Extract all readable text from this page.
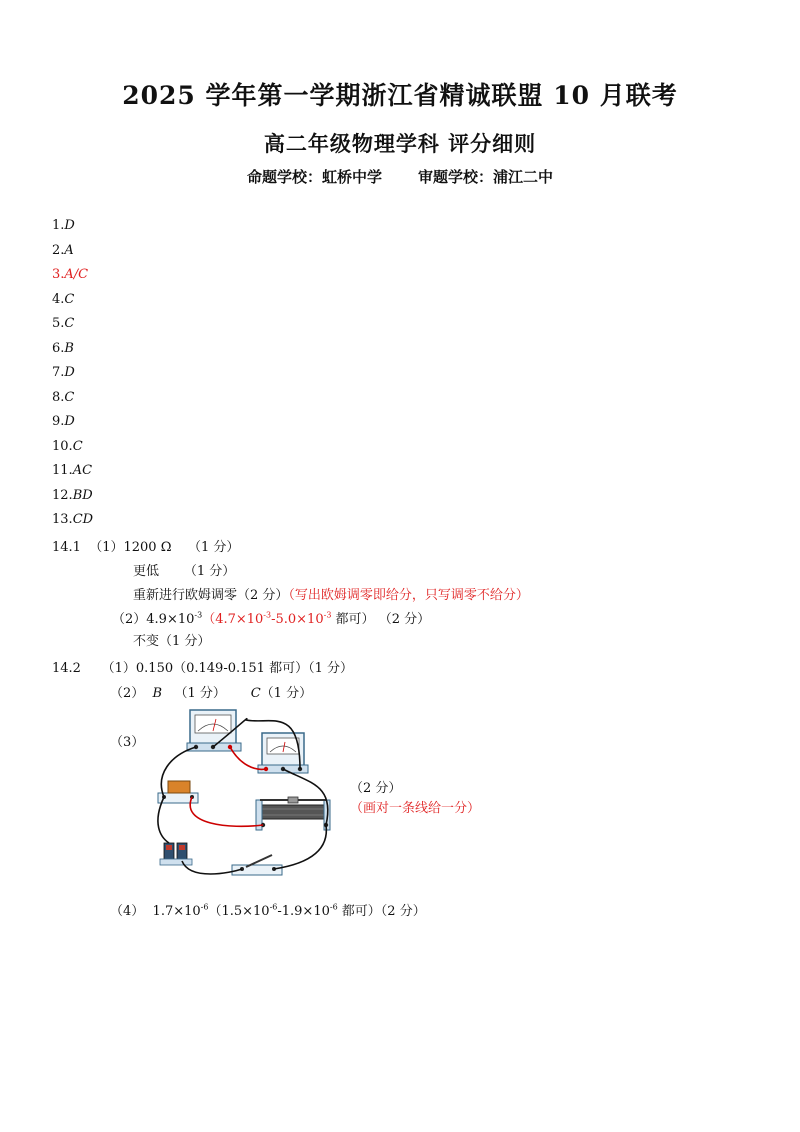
2025 学年第一学期浙江省精诚联盟 10 月联考
高二年级物理学科 评分细则
命题学校：虹桥中学 审题学校：浦江二中
1.D
2.A
3.A/C
4.C
5.C
6.B
7.D
8.C
9.D
10.C
11.AC
12.BD
13.CD
14.1 （1）1200 Ω （1 分）
更低 （1 分）
重新进行欧姆调零（2 分）（写出欧姆调零即给分，只写调零不给分）
$(2)4.9\times 10^{-3}(4.7\times 10^{-3}-5.0\times 10^{-3}$ 都可） （2 分）
不变（1 分）
14.2 （1）0.150（0.149-0.151 都可）（1 分）
（2） B （1 分） C（1 分）
（3）
（2 分）
（画对一条线给一分）
（4） $1.7\times 10^{-6}(1.5\times 10^{-6}-1.9\times 10^{-6}$ 都可）（2 分）
